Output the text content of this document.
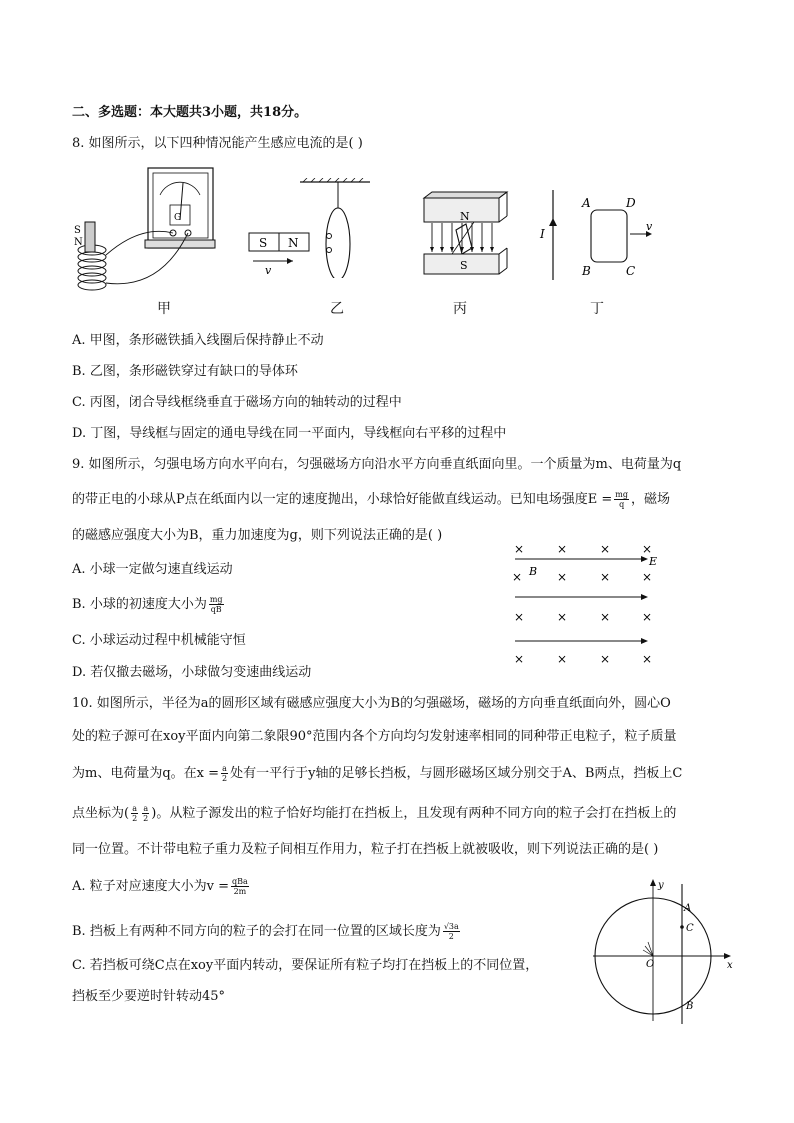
二、多选题：本大题共3小题，共18分。
8. 如图所示，以下四种情况能产生感应电流的是( )
G
S
N
甲
S N
v
乙
N
S
丙
I
A	D
B	C
v
丁
A. 甲图，条形磁铁插入线圈后保持静止不动
B. 乙图，条形磁铁穿过有缺口的导体环
C. 丙图，闭合导线框绕垂直于磁场方向的轴转动的过程中
D. 丁图，导线框与固定的通电导线在同一平面内，导线框向右平移的过程中
9. 如图所示，匀强电场方向水平向右，匀强磁场方向沿水平方向垂直纸面向里。一个质量为m、电荷量为q
的带正电的小球从P点在纸面内以一定的速度抛出，小球恰好能做直线运动。已知电场强度$E = \frac{mg}{q}$ ，磁场
的磁感应强度大小为B，重力加速度为g，则下列说法正确的是( )
A. 小球一定做匀速直线运动
B. 小球的初速度大小为 $\frac{mg}{qB}$
C. 小球运动过程中机械能守恒
D. 若仅撤去磁场，小球做匀变速曲线运动
×	×	×	×
×	×	×	×
×	×	×	×
×	×	×	×
E
B
10. 如图所示，半径为a的圆形区域有磁感应强度大小为B的匀强磁场，磁场的方向垂直纸面向外，圆心O
处的粒子源可在xoy平面内向第二象限90°范围内各个方向均匀发射速率相同的同种带正电粒子，粒子质量
为m、电荷量为q。在$x = \frac{a}{2}$ 处有一平行于y轴的足够长挡板，与圆形磁场区域分别交于A、B两点，挡板上C
点坐标为( $\frac{a}{2} \frac{a}{2}$ )。从粒子源发出的粒子恰好均能打在挡板上，且发现有两种不同方向的粒子会打在挡板上的
同一位置。不计带电粒子重力及粒子间相互作用力，粒子打在挡板上就被吸收，则下列说法正确的是( )
A. 粒子对应速度大小为$v = \frac{\text{qBa}}{2m}$
B. 挡板上有两种不同方向的粒子的会打在同一位置的区域长度为 $\frac{√3a}{2}$
C. 若挡板可绕C点在xoy平面内转动，要保证所有粒子均打在挡板上的不同位置，
挡板至少要逆时针转动45°
x
y
O
A
C
B
